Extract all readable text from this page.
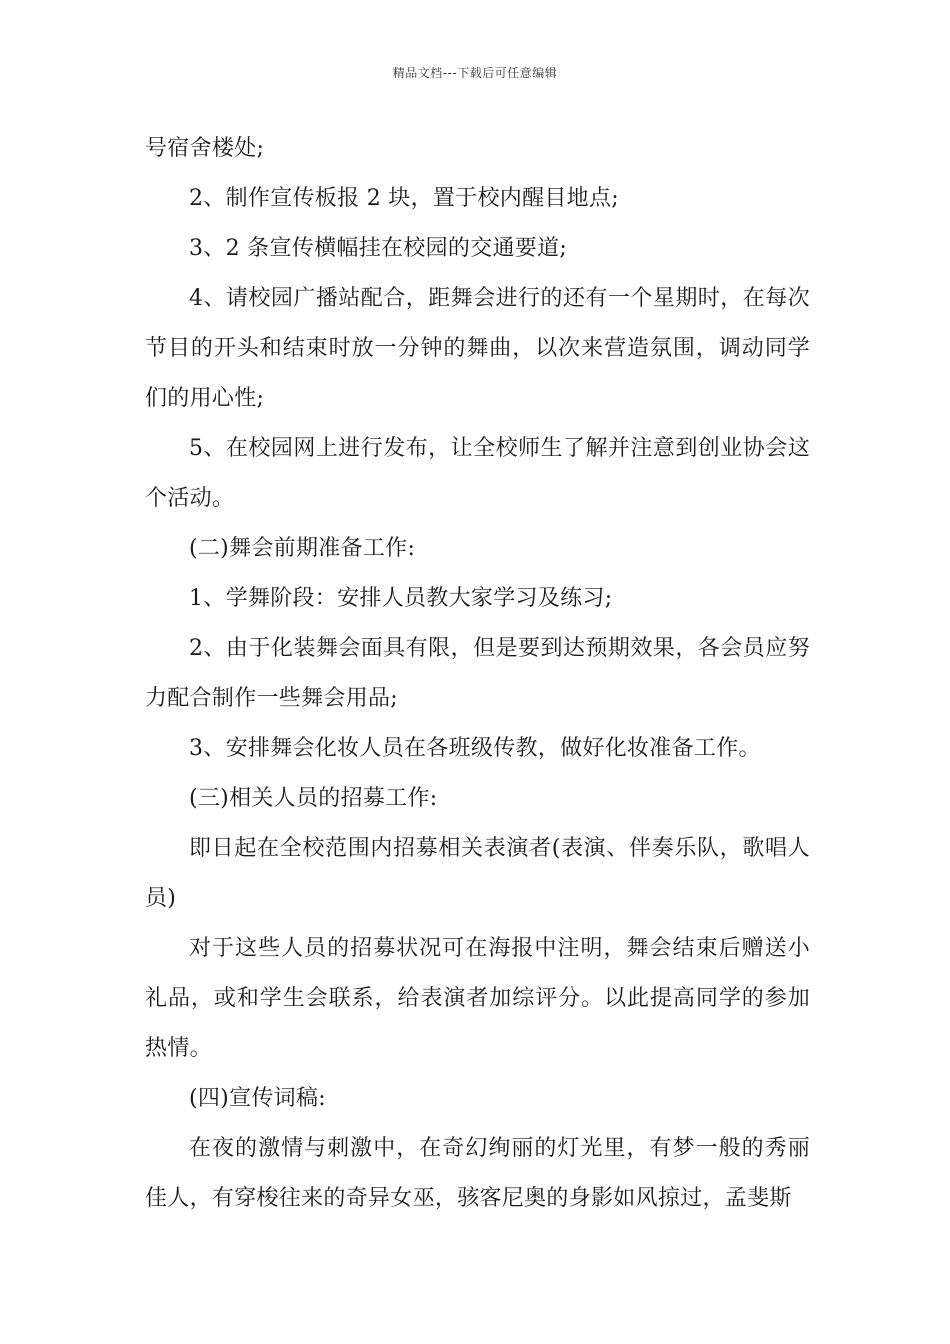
精品文档---下载后可任意编辑

号宿舍楼处;

2、制作宣传板报 2 块，置于校内醒目地点;

3、2 条宣传横幅挂在校园的交通要道;

4、请校园广播站配合，距舞会进行的还有一个星期时，在每次节目的开头和结束时放一分钟的舞曲，以次来营造氛围，调动同学们的用心性;

5、在校园网上进行发布，让全校师生了解并注意到创业协会这个活动。

(二)舞会前期准备工作:

1、学舞阶段：安排人员教大家学习及练习;

2、由于化装舞会面具有限，但是要到达预期效果，各会员应努力配合制作一些舞会用品;

3、安排舞会化妆人员在各班级传教，做好化妆准备工作。

(三)相关人员的招募工作:

即日起在全校范围内招募相关表演者(表演、伴奏乐队，歌唱人员)

对于这些人员的招募状况可在海报中注明，舞会结束后赠送小礼品，或和学生会联系，给表演者加综评分。以此提高同学的参加热情。

(四)宣传词稿:

在夜的激情与刺激中，在奇幻绚丽的灯光里，有梦一般的秀丽佳人，有穿梭往来的奇异女巫，骇客尼奥的身影如风掠过，孟斐斯
